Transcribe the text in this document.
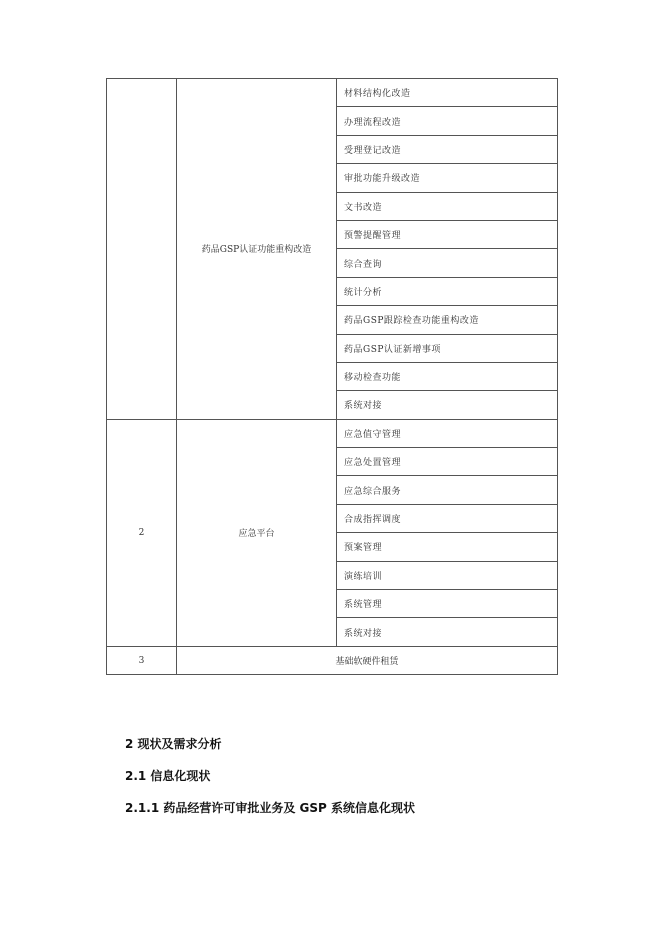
	药品GSP认证功能重构改造	材料结构化改造
		办理流程改造
		受理登记改造
		审批功能升级改造
		文书改造
		预警提醒管理
		综合查询
		统计分析
		药品GSP跟踪检查功能重构改造
		药品GSP认证新增事项
		移动检查功能
		系统对接
2	应急平台	应急值守管理
		应急处置管理
		应急综合服务
		合成指挥调度
		预案管理
		演练培训
		系统管理
		系统对接
3	基础软硬件租赁	
2 现状及需求分析
2.1 信息化现状
2.1.1 药品经营许可审批业务及 GSP 系统信息化现状
